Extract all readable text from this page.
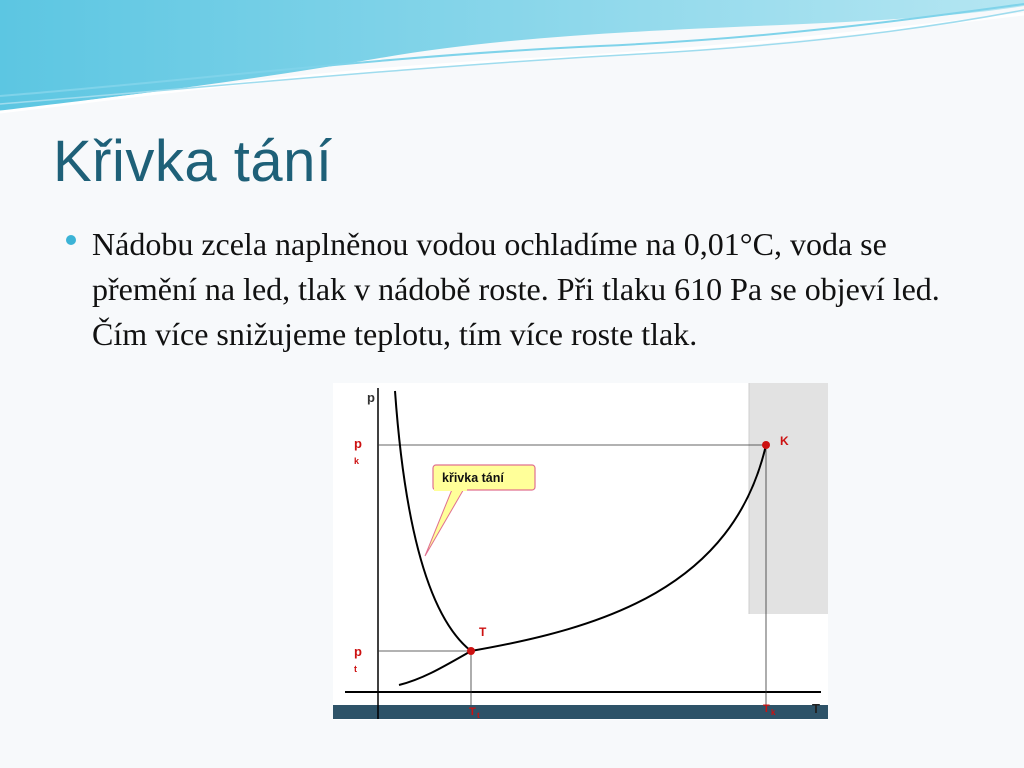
Křivka tání

Nádobu zcela naplněnou vodou ochladíme na 0,01°C, voda se přemění na led, tlak v nádobě roste. Při tlaku 610 Pa se objeví led. Čím více snižujeme teplotu, tím více roste tlak.

p
T
p
k
p
t
T
K
T t
T k
křivka tání
